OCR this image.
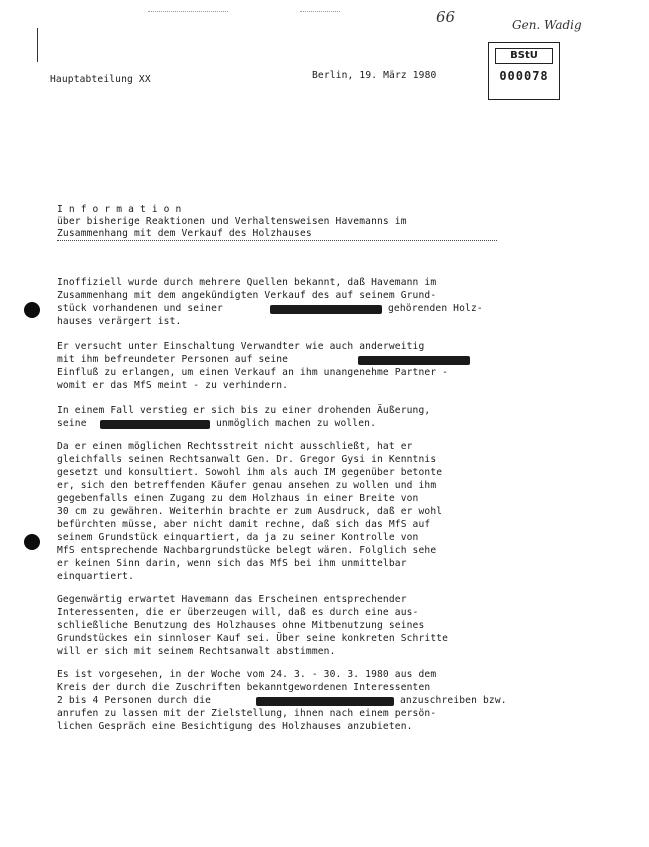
66	Gen. Wadig
Hauptabteilung XX	Berlin, 19. März 1980
BStU
000078
I n f o r m a t i o n
über bisherige Reaktionen und Verhaltensweisen Havemanns im
Zusammenhang mit dem Verkauf des Holzhauses
Inoffiziell wurde durch mehrere Quellen bekannt, daß Havemann im
Zusammenhang mit dem angekündigten Verkauf des auf seinem Grund-
stück vorhandenen und seiner	gehörenden Holz-
hauses verärgert ist.
Er versucht unter Einschaltung Verwandter wie auch anderweitig
mit ihm befreundeter Personen auf seine
Einfluß zu erlangen, um einen Verkauf an ihm unangenehme Partner -
womit er das MfS meint - zu verhindern.
In einem Fall verstieg er sich bis zu einer drohenden Äußerung,
seine	unmöglich machen zu wollen.
Da er einen möglichen Rechtsstreit nicht ausschließt, hat er
gleichfalls seinen Rechtsanwalt Gen. Dr. Gregor Gysi in Kenntnis
gesetzt und konsultiert. Sowohl ihm als auch IM gegenüber betonte
er, sich den betreffenden Käufer genau ansehen zu wollen und ihm
gegebenfalls einen Zugang zu dem Holzhaus in einer Breite von
30 cm zu gewähren. Weiterhin brachte er zum Ausdruck, daß er wohl
befürchten müsse, aber nicht damit rechne, daß sich das MfS auf
seinem Grundstück einquartiert, da ja zu seiner Kontrolle von
MfS entsprechende Nachbargrundstücke belegt wären. Folglich sehe
er keinen Sinn darin, wenn sich das MfS bei ihm unmittelbar
einquartiert.
Gegenwärtig erwartet Havemann das Erscheinen entsprechender
Interessenten, die er überzeugen will, daß es durch eine aus-
schließliche Benutzung des Holzhauses ohne Mitbenutzung seines
Grundstückes ein sinnloser Kauf sei. Über seine konkreten Schritte
will er sich mit seinem Rechtsanwalt abstimmen.
Es ist vorgesehen, in der Woche vom 24. 3. - 30. 3. 1980 aus dem
Kreis der durch die Zuschriften bekanntgewordenen Interessenten
2 bis 4 Personen durch die	anzuschreiben bzw.
anrufen zu lassen mit der Zielstellung, ihnen nach einem persön-
lichen Gespräch eine Besichtigung des Holzhauses anzubieten.
